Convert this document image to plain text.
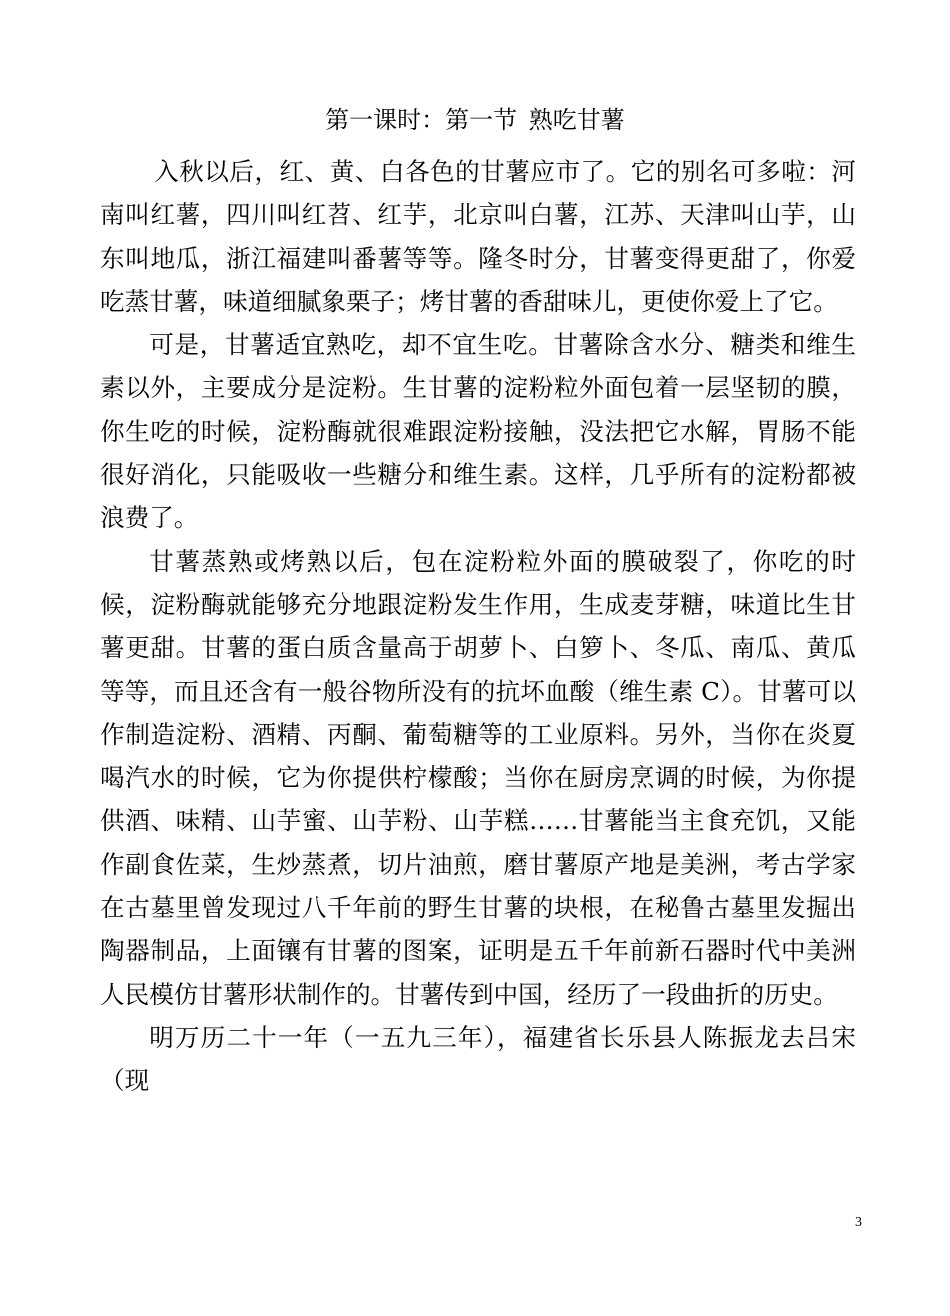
第一课时：第一节 熟吃甘薯

入秋以后，红、黄、白各色的甘薯应市了。它的别名可多啦：河南叫红薯，四川叫红苕、红芋，北京叫白薯，江苏、天津叫山芋，山东叫地瓜，浙江福建叫番薯等等。隆冬时分，甘薯变得更甜了，你爱吃蒸甘薯，味道细腻象栗子；烤甘薯的香甜味儿，更使你爱上了它。

可是，甘薯适宜熟吃，却不宜生吃。甘薯除含水分、糖类和维生素以外，主要成分是淀粉。生甘薯的淀粉粒外面包着一层坚韧的膜，你生吃的时候，淀粉酶就很难跟淀粉接触，没法把它水解，胃肠不能很好消化，只能吸收一些糖分和维生素。这样，几乎所有的淀粉都被浪费了。

甘薯蒸熟或烤熟以后，包在淀粉粒外面的膜破裂了，你吃的时候，淀粉酶就能够充分地跟淀粉发生作用，生成麦芽糖，味道比生甘薯更甜。甘薯的蛋白质含量高于胡萝卜、白箩卜、冬瓜、南瓜、黄瓜等等，而且还含有一般谷物所没有的抗坏血酸（维生素 C）。甘薯可以作制造淀粉、酒精、丙酮、葡萄糖等的工业原料。另外，当你在炎夏喝汽水的时候，它为你提供柠檬酸；当你在厨房烹调的时候，为你提供酒、味精、山芋蜜、山芋粉、山芋糕……甘薯能当主食充饥，又能作副食佐菜，生炒蒸煮，切片油煎，磨甘薯原产地是美洲，考古学家在古墓里曾发现过八千年前的野生甘薯的块根，在秘鲁古墓里发掘出陶器制品，上面镶有甘薯的图案，证明是五千年前新石器时代中美洲人民模仿甘薯形状制作的。甘薯传到中国，经历了一段曲折的历史。

明万历二十一年（一五九三年），福建省长乐县人陈振龙去吕宋（现

3
